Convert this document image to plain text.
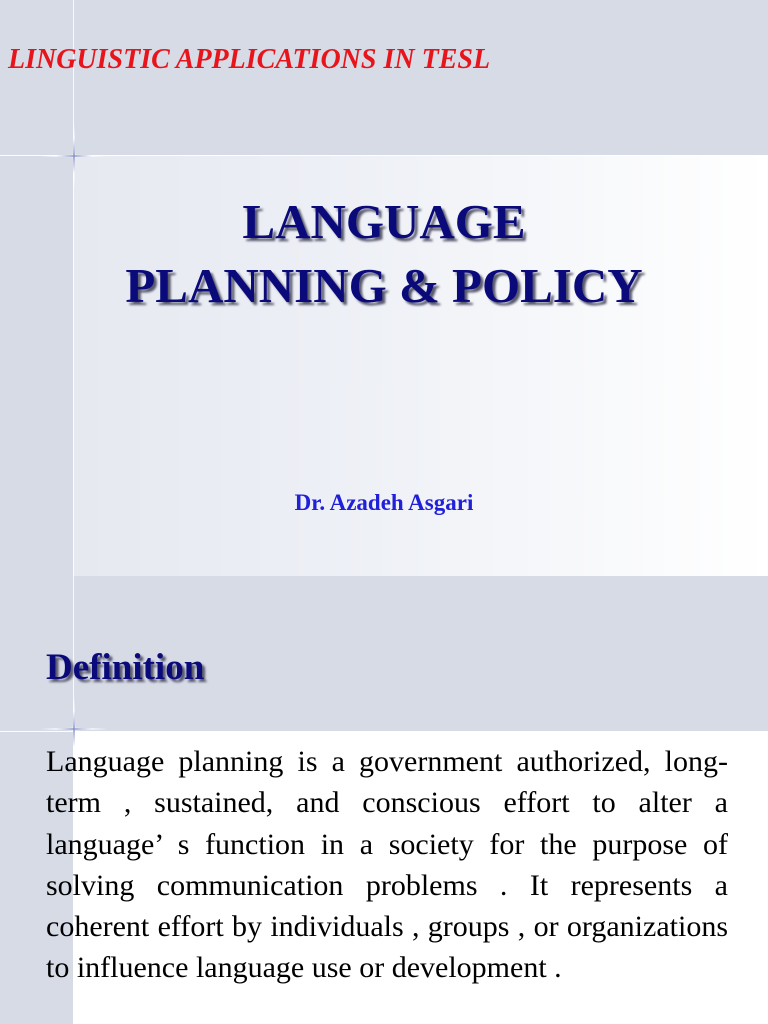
LINGUISTIC APPLICATIONS IN TESL
LANGUAGE
PLANNING & POLICY

Dr. Azadeh Asgari

Definition

Language planning is a government authorized, long-term , sustained, and conscious effort to alter a language’ s function in a society for the purpose of solving communication problems . It represents a coherent effort by individuals , groups , or organizations to influence language use or development .
